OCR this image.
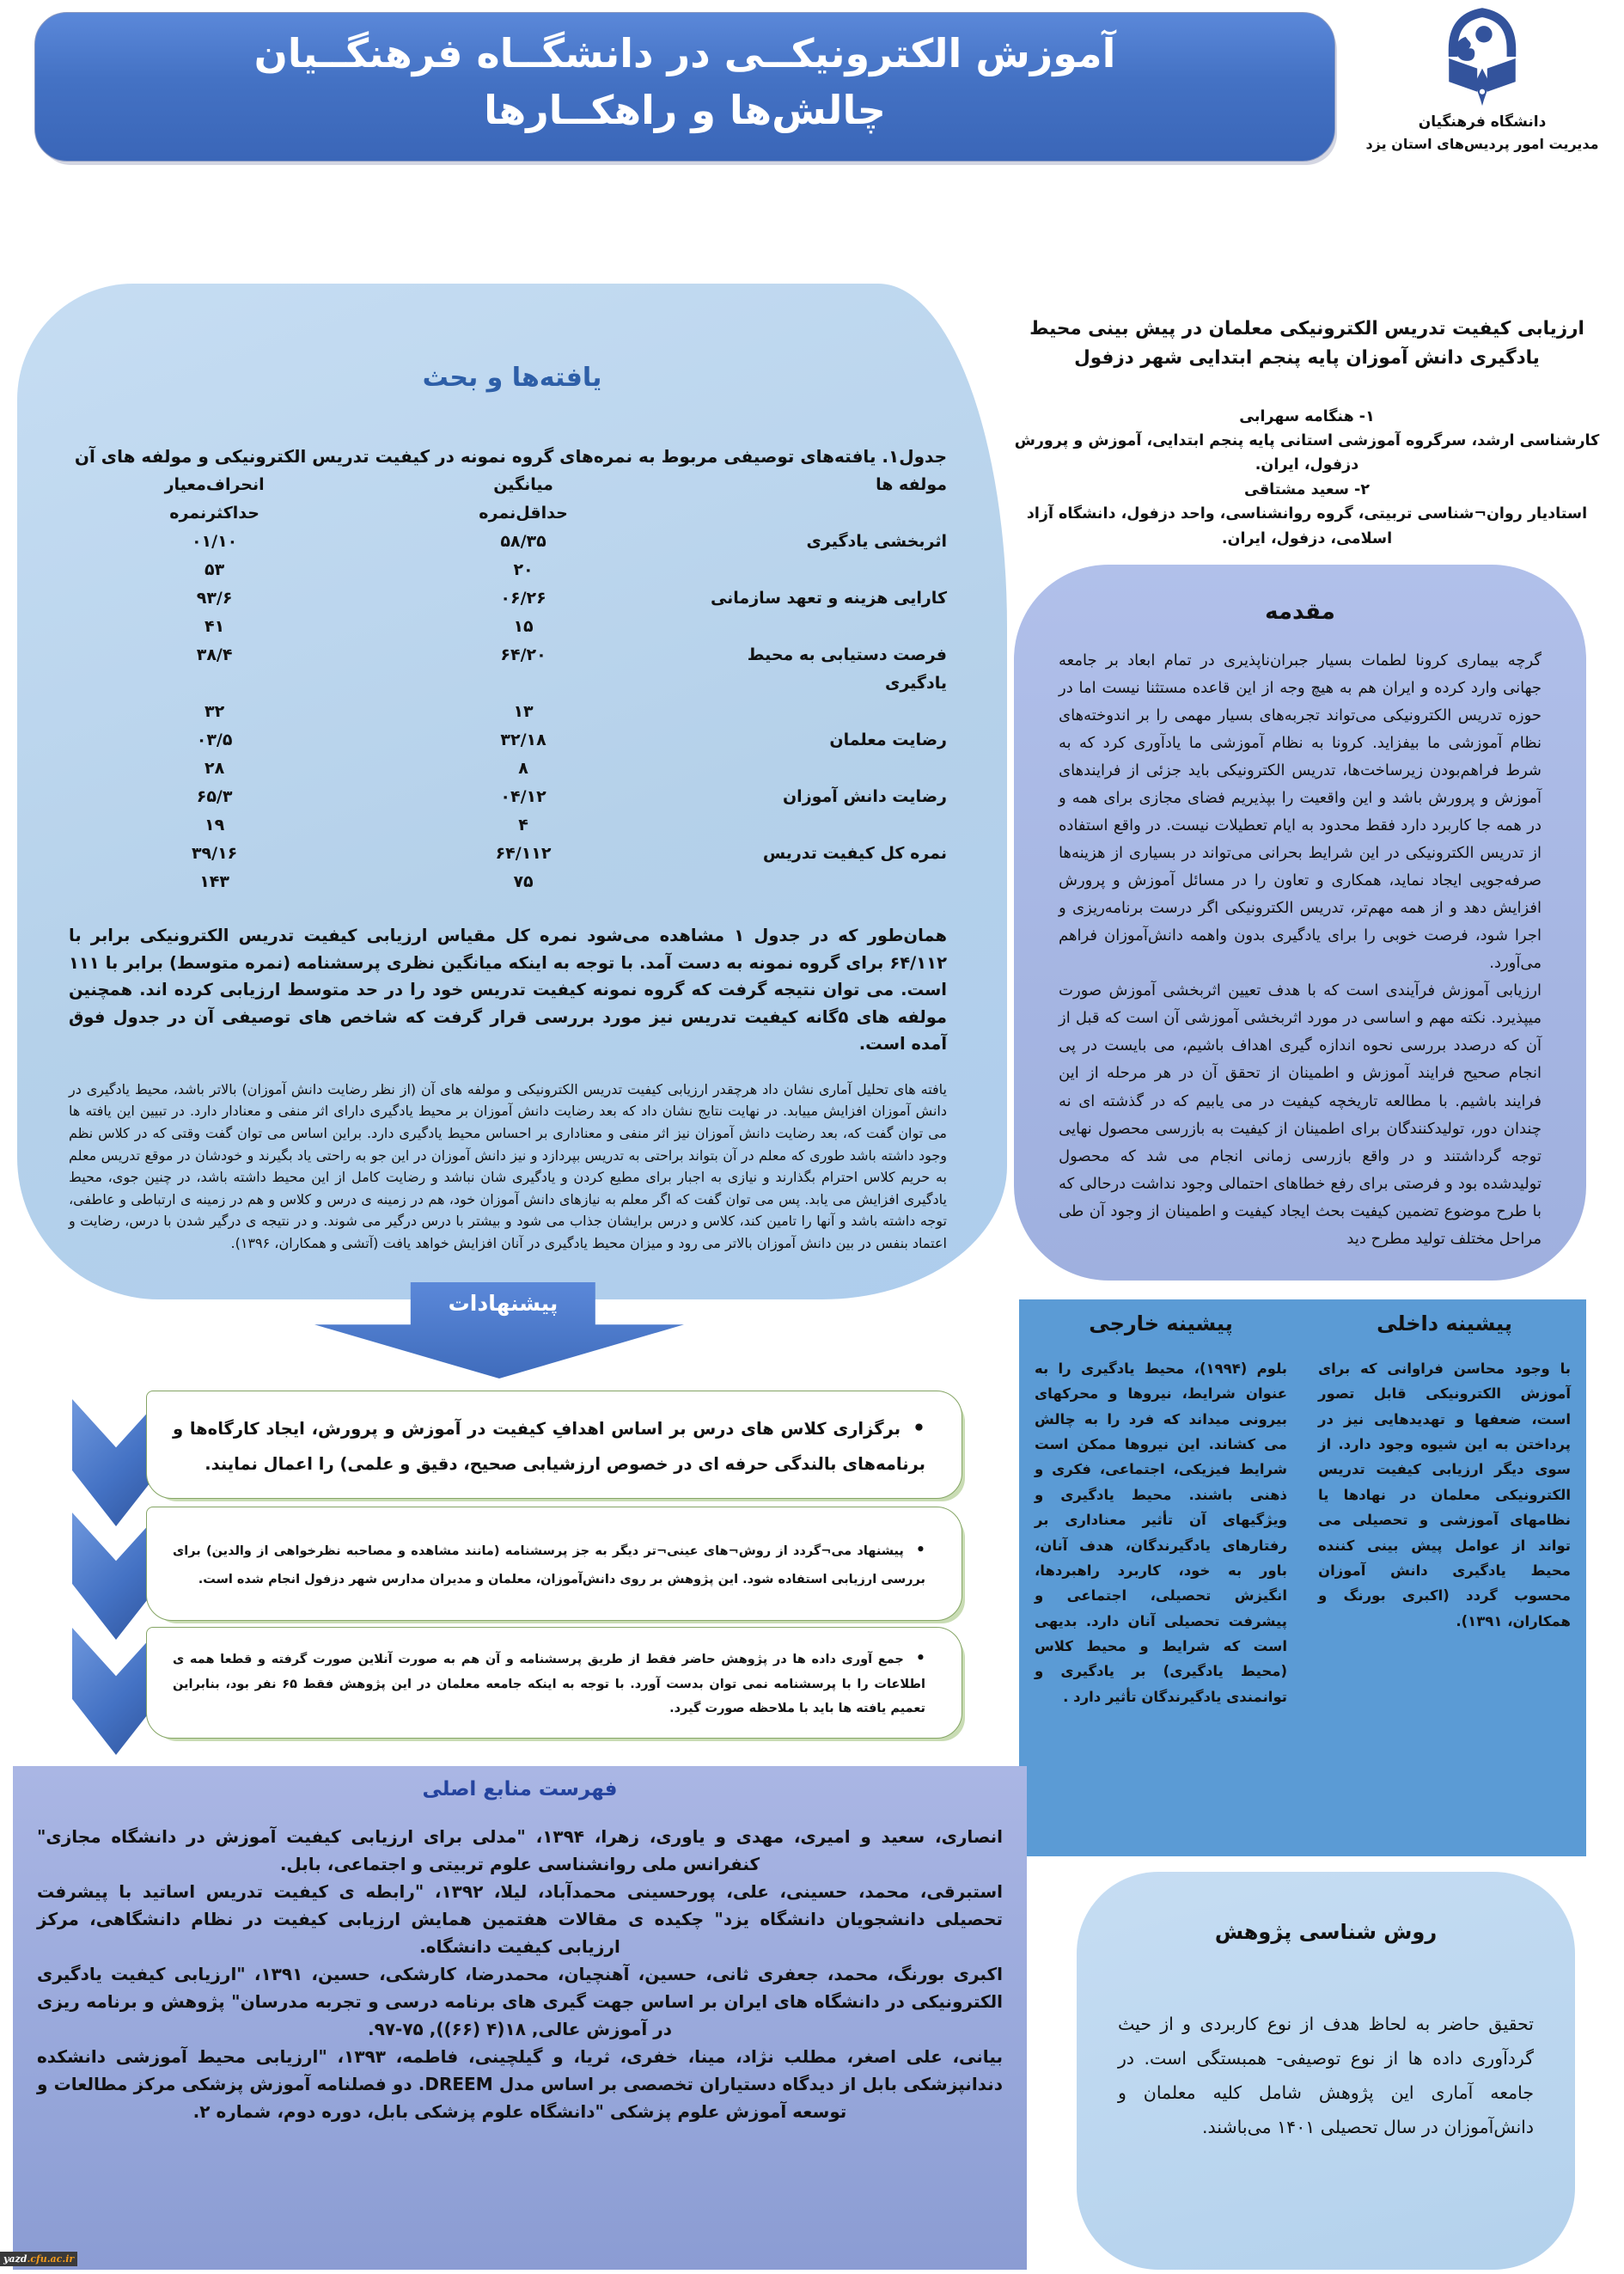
آموزش الکترونیکــی در دانشگــاه فرهنگــیان
چالش‌ها و راهکــارها	دانشگاه فرهنگیان
مدیریت امور پردیس‌های استان یزد
ارزیابی کیفیت تدریس الکترونیکی معلمان در پیش بینی محیط یادگیری دانش آموزان پایه پنجم ابتدایی شهر دزفول
۱- هنگامه سهرابی
کارشناسی ارشد، سرگروه آموزشی استانی پایه پنجم ابتدایی، آموزش و پرورش دزفول، ایران.
۲- سعید مشتاقی
استادیار روان¬شناسی تربیتی، گروه روانشناسی، واحد دزفول، دانشگاه آزاد اسلامی، دزفول، ایران.
مقدمه

گرچه بیماری کرونا لطمات بسیار جبران‌ناپذیری در تمام ابعاد بر جامعه جهانی وارد کرده و ایران هم به هیچ وجه از این قاعده مستثنا نیست اما در حوزه تدریس الکترونیکی می‌تواند تجربه‌های بسیار مهمی را بر اندوخته‌های نظام آموزشی ما بیفزاید. کرونا به نظام آموزشی ما یادآوری کرد که به شرط فراهم‌بودن زیرساخت‌ها، تدریس الکترونیکی باید جزئی از فرایندهای آموزش و پرورش باشد و این واقعیت را بپذیریم فضای مجازی برای همه و در همه جا کاربرد دارد فقط محدود به ایام تعطیلات نیست. در واقع استفاده از تدریس الکترونیکی در این شرایط بحرانی می‌تواند در بسیاری از هزینه‌ها صرفه‌جویی ایجاد نماید، همکاری و تعاون را در مسائل آموزش و پرورش افزایش دهد و از همه مهم‌تر، تدریس الکترونیکی اگر درست برنامه‌ریزی و اجرا شود، فرصت خوبی را برای یادگیری بدون واهمه دانش‌آموزان فراهم می‌آورد.

ارزیابی آموزش فرآیندی است که با هدف تعیین اثربخشی آموزش صورت میپذیرد. نکته مهم و اساسی در مورد اثربخشی آموزشی آن است که قبل از آن که درصدد بررسی نحوه اندازه گیری اهداف باشیم، می بایست در پی انجام صحیح فرایند آموزش و اطمینان از تحقق آن در هر مرحله از این فرایند باشیم. با مطالعه تاریخچه کیفیت در می یابیم که در گذشته ای نه چندان دور، تولیدکنندگان برای اطمینان از کیفیت به بازرسی محصول نهایی توجه گرداشتند و در واقع بازرسی زمانی انجام می شد که محصول تولیدشده بود و فرصتی برای رفع خطاهای احتمالی وجود نداشت درحالی که با طرح موضوع تضمین کیفیت بحث ایجاد کیفیت و اطمینان از وجود آن طی مراحل مختلف تولید مطرح دید

یافته‌ها و بحث
جدول۱. یافته‌های توصیفی مربوط به نمره‌های گروه نمونه در کیفیت تدریس الکترونیکی و مولفه های آن
مولفه ها
میانگین
انحراف‌معیار
حداقل‌نمره
حداکثرنمره
اثربخشی یادگیری
۵۸/۳۵
۰۱/۱۰
۲۰
۵۳
کارایی هزینه و تعهد سازمانی
۰۶/۲۶
۹۳/۶
۱۵
۴۱
فرصت دستیابی به محیط یادگیری
۶۴/۲۰
۳۸/۴
۱۳
۳۲
رضایت معلمان
۳۲/۱۸
۰۳/۵
۸
۲۸
رضایت دانش آموزان
۰۴/۱۲
۶۵/۳
۴
۱۹
نمره کل کیفیت تدریس
۶۴/۱۱۲
۳۹/۱۶
۷۵
۱۴۳

همان‌طور که در جدول ۱ مشاهده می‌شود نمره کل مقیاس ارزیابی کیفیت تدریس الکترونیکی برابر با ۶۴/۱۱۲ برای گروه نمونه به دست آمد. با توجه به اینکه میانگین نظری پرسشنامه (نمره متوسط) برابر با ۱۱۱ است. می توان نتیجه گرفت که گروه نمونه کیفیت تدریس خود را در حد متوسط ارزیابی کرده اند. همچنین مولفه های ۵گانه کیفیت تدریس نیز مورد بررسی قرار گرفت که شاخص های توصیفی آن در جدول فوق آمده است.

یافته های تحلیل آماری نشان داد هرچقدر ارزیابی کیفیت تدریس الکترونیکی و مولفه های آن (از نظر رضایت دانش آموزان) بالاتر باشد، محیط یادگیری در دانش آموزان افزایش مییابد. در نهایت نتایج نشان داد که بعد رضایت دانش آموزان بر محیط یادگیری دارای اثر منفی و معنادار دارد. در تبیین این یافته ها می توان گفت که، بعد رضایت دانش آموزان نیز اثر منفی و معناداری بر احساس محیط یادگیری دارد. براین اساس می توان گفت وقتی که در کلاس نظم وجود داشته باشد طوری که معلم در آن بتواند براحتی به تدریس بپردازد و نیز دانش آموزان در این جو به راحتی یاد بگیرند و خودشان در موقع تدریس معلم به حریم کلاس احترام بگذارند و نیازی به اجبار برای مطیع کردن و یادگیری شان نباشد و رضایت کامل از این محیط داشته باشد، در چنین جوی، محیط یادگیری افزایش می یابد. پس می توان گفت که اگر معلم به نیازهای دانش آموزان خود، هم در زمینه ی درس و کلاس و هم در زمینه ی ارتباطی و عاطفی، توجه داشته باشد و آنها را تامین کند، کلاس و درس برایشان جذاب می شود و بیشتر با درس درگیر می شوند. و در نتیجه ی درگیر شدن با درس، رضایت و اعتماد بنفس در بین دانش آموزان بالاتر می رود و میزان محیط یادگیری در آنان افزایش خواهد یافت (آتشی و همکاران، ۱۳۹۶).

پیشنهادات

• برگزاری کلاس های درس بر اساس اهدافِ کیفیت در آموزش و پرورش، ایجاد کارگاه‌ها و برنامه‌های بالندگی حرفه ای در خصوص ارزشیابی صحیح، دقیق و علمی) را اعمال نمایند.

• پیشنهاد می¬گردد از روش¬های عینی¬تر دیگر به جز پرسشنامه (مانند مشاهده و مصاحبه نظرخواهی از والدین) برای بررسی ارزیابی استفاده شود. این پژوهش بر روی دانش‌آموزان، معلمان و مدیران مدارس شهر دزفول انجام شده است.

• جمع آوری داده ها در پژوهش حاضر فقط از طریق پرسشنامه و آن هم به صورت آنلاین صورت گرفته و قطعا همه ی اطلاعات را با پرسشنامه نمی توان بدست آورد. با توجه به اینکه جامعه معلمان در این پژوهش فقط ۶۵ نفر بود، بنابراین تعمیم یافته ها باید با ملاحظه صورت گیرد.

پیشینه داخلی
با وجود محاسن فراوانی که برای آموزش الکترونیکی قابل تصور است، ضعفها و تهدیدهایی نیز در پرداختن به این شیوه وجود دارد. از سوی دیگر ارزیابی کیفیت تدریس الکترونیکی معلمان در نهادها یا نظامهای آموزشی و تحصیلی می تواند از عوامل پیش بینی کننده محیط یادگیری دانش آموزان محسوب گردد (اکبری بورنگ و همکاران، ۱۳۹۱).
پیشینه خارجی
بلوم (۱۹۹۴)، محیط یادگیری را به عنوان شرایط، نیروها و محرکهای بیرونی میداند که فرد را به چالش می کشاند. این نیروها ممکن است شرایط فیزیکی، اجتماعی، فکری و ذهنی باشند. محیط یادگیری و ویژگیهای آن تأثیر معناداری بر رفتارهای یادگیرندگان، هدف آنان، باور به خود، کاربرد راهبردها، انگیزش تحصیلی، اجتماعی و پیشرفت تحصیلی آنان دارد. بدیهی است که شرایط و محیط کلاس (محیط یادگیری) بر یادگیری و توانمندی یادگیرندگان تأثیر دارد .
فهرست منابع اصلی

انصاری، سعید و امیری، مهدی و یاوری، زهرا، ۱۳۹۴، "مدلی برای ارزیابی کیفیت آموزش در دانشگاه مجازی" کنفرانس ملی روانشناسی علوم تربیتی و اجتماعی، بابل.

استبرقی، محمد، حسینی، علی، پورحسینی محمدآباد، لیلا، ۱۳۹۲، "رابطه ی کیفیت تدریس اساتید با پیشرفت تحصیلی دانشجویان دانشگاه یزد" چکیده ی مقالات هفتمین همایش ارزیابی کیفیت در نظام دانشگاهی، مرکز ارزیابی کیفیت دانشگاه.

اکبری بورنگ، محمد، جعفری ثانی، حسین، آهنچیان، محمدرضا، کارشکی، حسین، ۱۳۹۱، "ارزیابی کیفیت یادگیری الکترونیکی در دانشگاه های ایران بر اساس جهت گیری های برنامه درسی و تجربه مدرسان" پژوهش و برنامه ریزی در آموزش عالی, ۱۸(۴ (۶۶)), ۷۵-۹۷.

بیانی، علی اصغر، مطلب نژاد، مینا، خفری، ثریا، و گیلچینی، فاطمه، ۱۳۹۳، "ارزیابی محیط آموزشی دانشکده دندانپزشکی بابل از دیدگاه دستیاران تخصصی بر اساس مدل DREEM. دو فصلنامه آموزش پزشکی مرکز مطالعات و توسعه آموزش علوم پزشکی "دانشگاه علوم پزشکی بابل، دوره دوم، شماره ۲.

روش شناسی پژوهش

تحقیق حاضر به لحاظ هدف از نوع کاربردی و از حیث گردآوری داده ها از نوع توصیفی- همبستگی است. در جامعه آماری این پژوهش شامل کلیه معلمان و دانش‌آموزان در سال تحصیلی ۱۴۰۱ می‌باشند.

yazd .cfu.ac.ir
